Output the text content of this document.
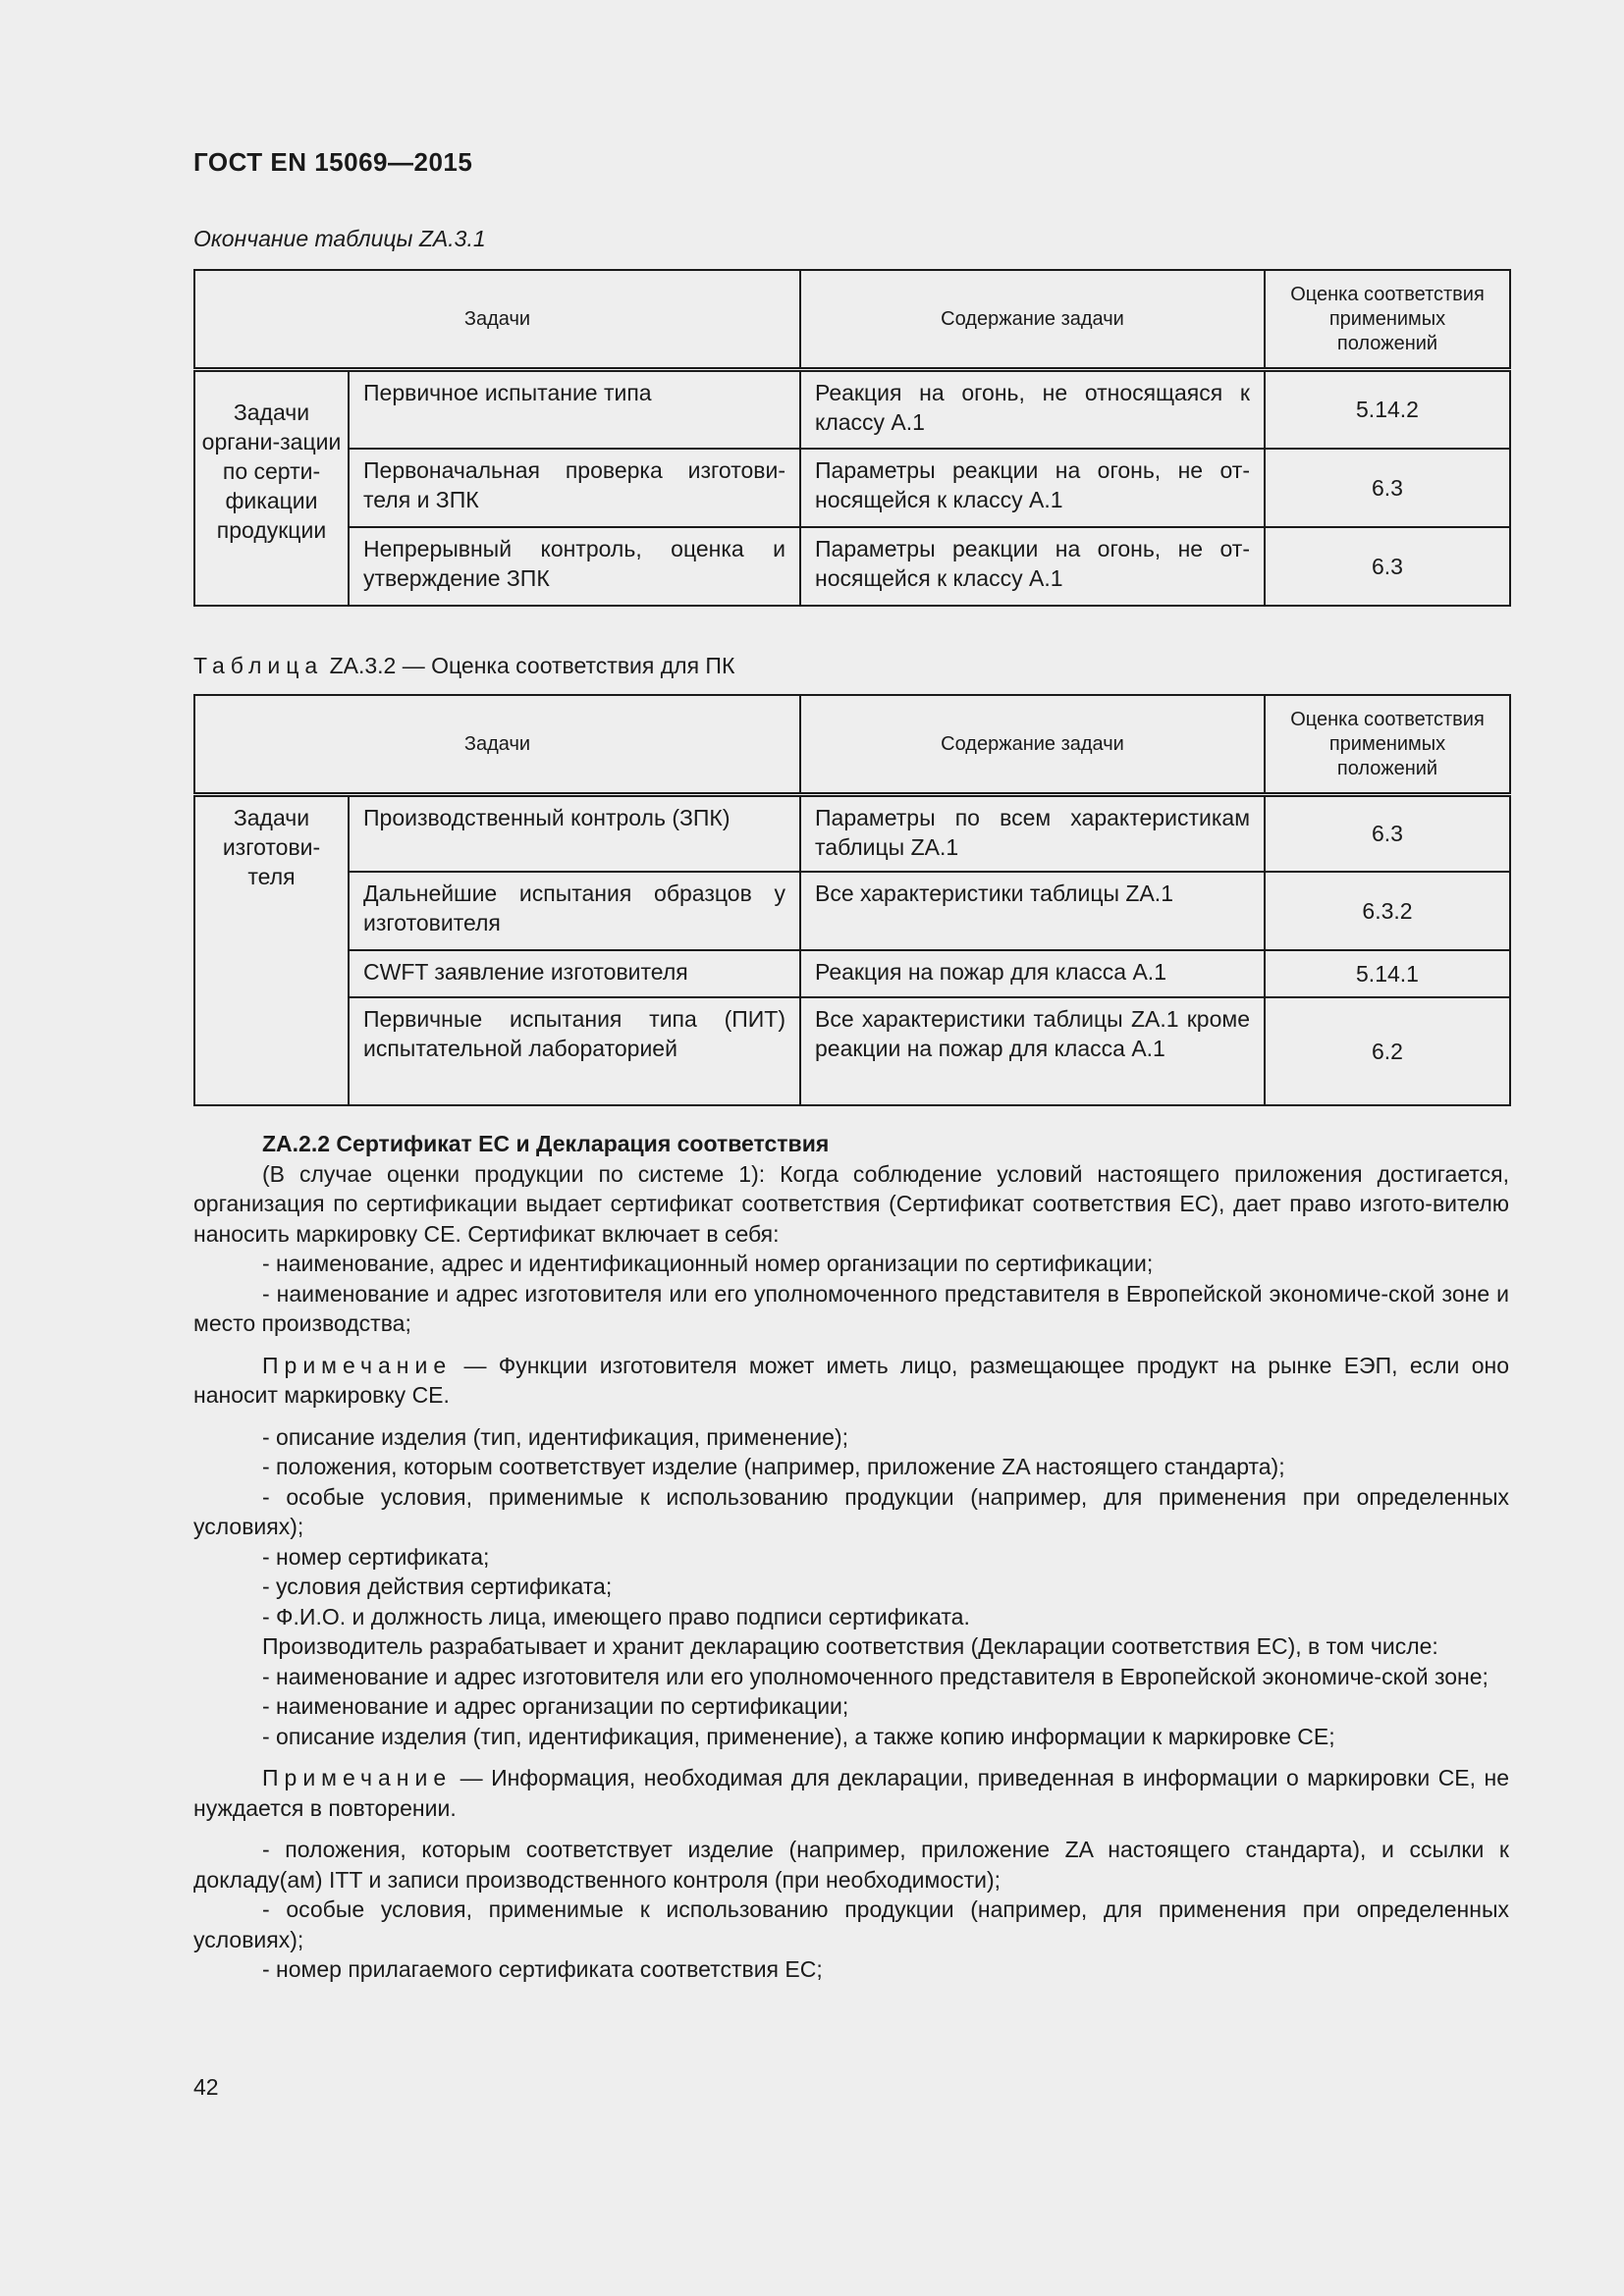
ГОСТ EN 15069—2015
Окончание таблицы ZA.3.1
Задачи		Содержание задачи	Оценка соответствия применимых положений
Задачи органи-зации по серти-фикации продукции	Первичное испытание типа	Реакция на огонь, не относящаяся к классу А.1	5.14.2
	Первоначальная проверка изготови-теля и ЗПК	Параметры реакции на огонь, не от-носящейся к классу А.1	6.3
	Непрерывный контроль, оценка и утверждение ЗПК	Параметры реакции на огонь, не от-носящейся к классу А.1	6.3
Таблица ZA.3.2 — Оценка соответствия для ПК
Задачи		Содержание задачи	Оценка соответствия применимых положений
Задачи изготови-теля	Производственный контроль (ЗПК)	Параметры по всем характеристикам таблицы ZA.1	6.3
	Дальнейшие испытания образцов у изготовителя	Все характеристики таблицы ZA.1	6.3.2
	CWFT заявление изготовителя	Реакция на пожар для класса А.1	5.14.1
	Первичные испытания типа (ПИТ) испытательной лабораторией	Все характеристики таблицы ZA.1 кроме реакции на пожар для класса А.1	6.2

ZA.2.2 Сертификат ЕС и Декларация соответствия

(В случае оценки продукции по системе 1): Когда соблюдение условий настоящего приложения достигается, организация по сертификации выдает сертификат соответствия (Сертификат соответствия ЕС), дает право изгото-вителю наносить маркировку СЕ. Сертификат включает в себя:

- наименование, адрес и идентификационный номер организации по сертификации;

- наименование и адрес изготовителя или его уполномоченного представителя в Европейской экономиче-ской зоне и место производства;

Примечание — Функции изготовителя может иметь лицо, размещающее продукт на рынке ЕЭП, если оно наносит маркировку СЕ.

- описание изделия (тип, идентификация, применение);

- положения, которым соответствует изделие (например, приложение ZA настоящего стандарта);

- особые условия, применимые к использованию продукции (например, для применения при определенных условиях);

- номер сертификата;

- условия действия сертификата;

- Ф.И.О. и должность лица, имеющего право подписи сертификата.

Производитель разрабатывает и хранит декларацию соответствия (Декларации соответствия ЕС), в том числе:

- наименование и адрес изготовителя или его уполномоченного представителя в Европейской экономиче-ской зоне;

- наименование и адрес организации по сертификации;

- описание изделия (тип, идентификация, применение), а также копию информации к маркировке СЕ;

Примечание — Информация, необходимая для декларации, приведенная в информации о маркировки СЕ, не нуждается в повторении.

- положения, которым соответствует изделие (например, приложение ZA настоящего стандарта), и ссылки к докладу(ам) ITT и записи производственного контроля (при необходимости);

- особые условия, применимые к использованию продукции (например, для применения при определенных условиях);

- номер прилагаемого сертификата соответствия ЕС;

42
